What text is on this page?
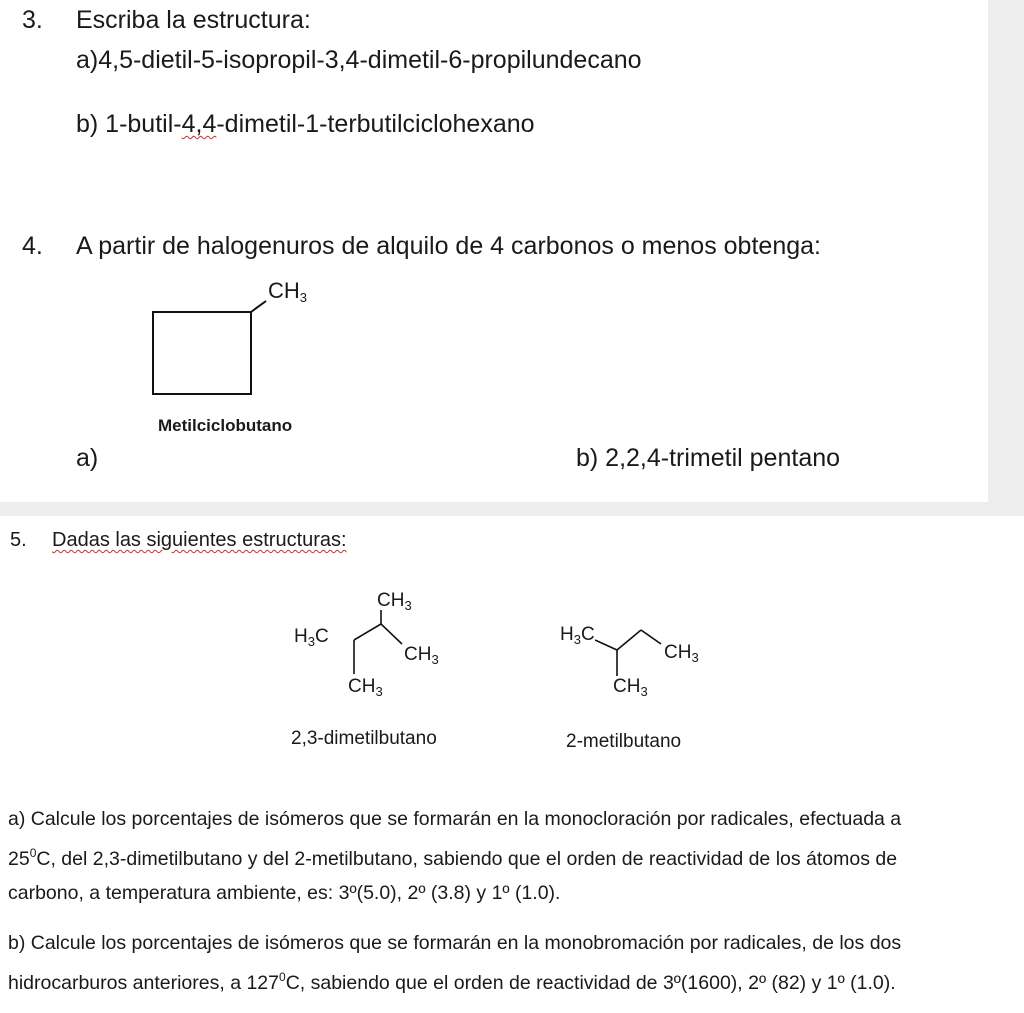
3. Escriba la estructura:
a)4,5-dietil-5-isopropil-3,4-dimetil-6-propilundecano
b) 1-butil-4,4-dimetil-1-terbutilciclohexano
4. A partir de halogenuros de alquilo de 4 carbonos o menos obtenga:
$CH_3$
Metilciclobutano
a)	b) 2,2,4-trimetil pentano
5. Dadas las siguientes estructuras:
$CH_3$
$H_3C$
$CH_3$
$CH_3$
2,3-dimetilbutano
$H_3C$
$CH_3$
$CH_3$
2-metilbutano

a) Calcule los porcentajes de isómeros que se formarán en la monocloración por radicales, efectuada a

$25^0C$, del 2,3-dimetilbutano y del 2-metilbutano, sabiendo que el orden de reactividad de los átomos de

carbono, a temperatura ambiente, es: 3º(5.0), 2º (3.8) y 1º (1.0).

b) Calcule los porcentajes de isómeros que se formarán en la monobromación por radicales, de los dos

hidrocarburos anteriores, a $127^0C$, sabiendo que el orden de reactividad de 3º(1600), 2º (82) y 1º (1.0).
